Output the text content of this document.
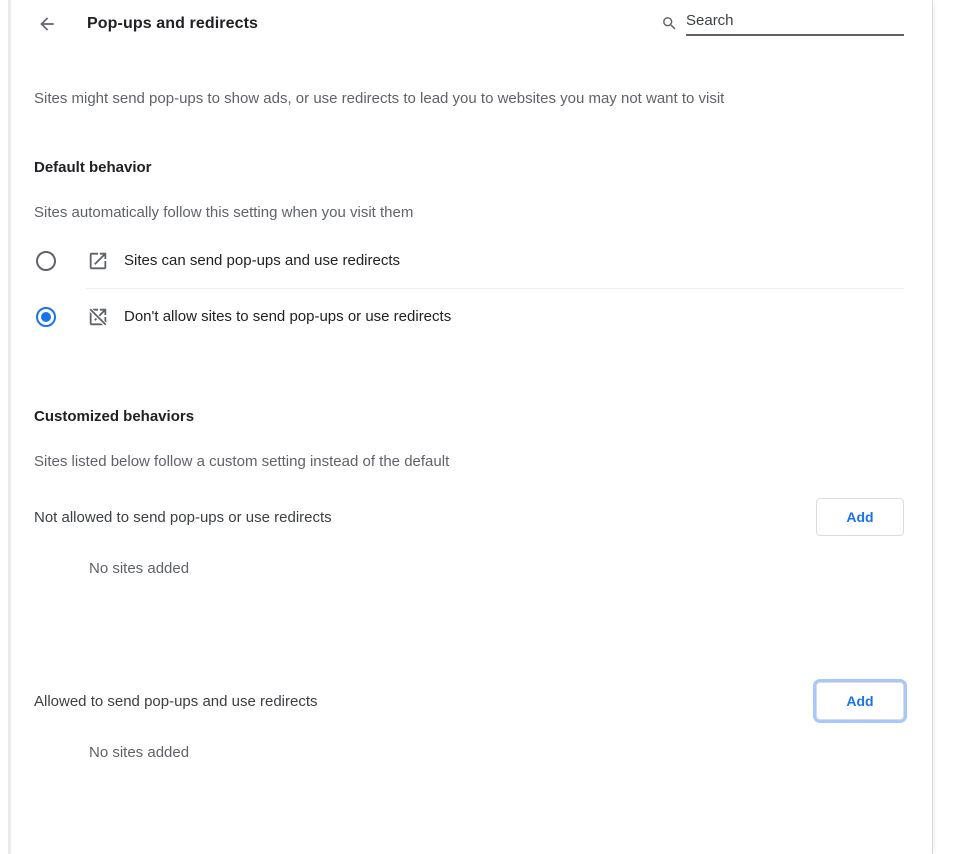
Pop-ups and redirects
Search

Sites might send pop-ups to show ads, or use redirects to lead you to websites you may not want to visit

Default behavior

Sites automatically follow this setting when you visit them

Sites can send pop-ups and use redirects
Don't allow sites to send pop-ups or use redirects
Customized behaviors

Sites listed below follow a custom setting instead of the default

Not allowed to send pop-ups or use redirects	Add
No sites added
Allowed to send pop-ups and use redirects	Add
No sites added
